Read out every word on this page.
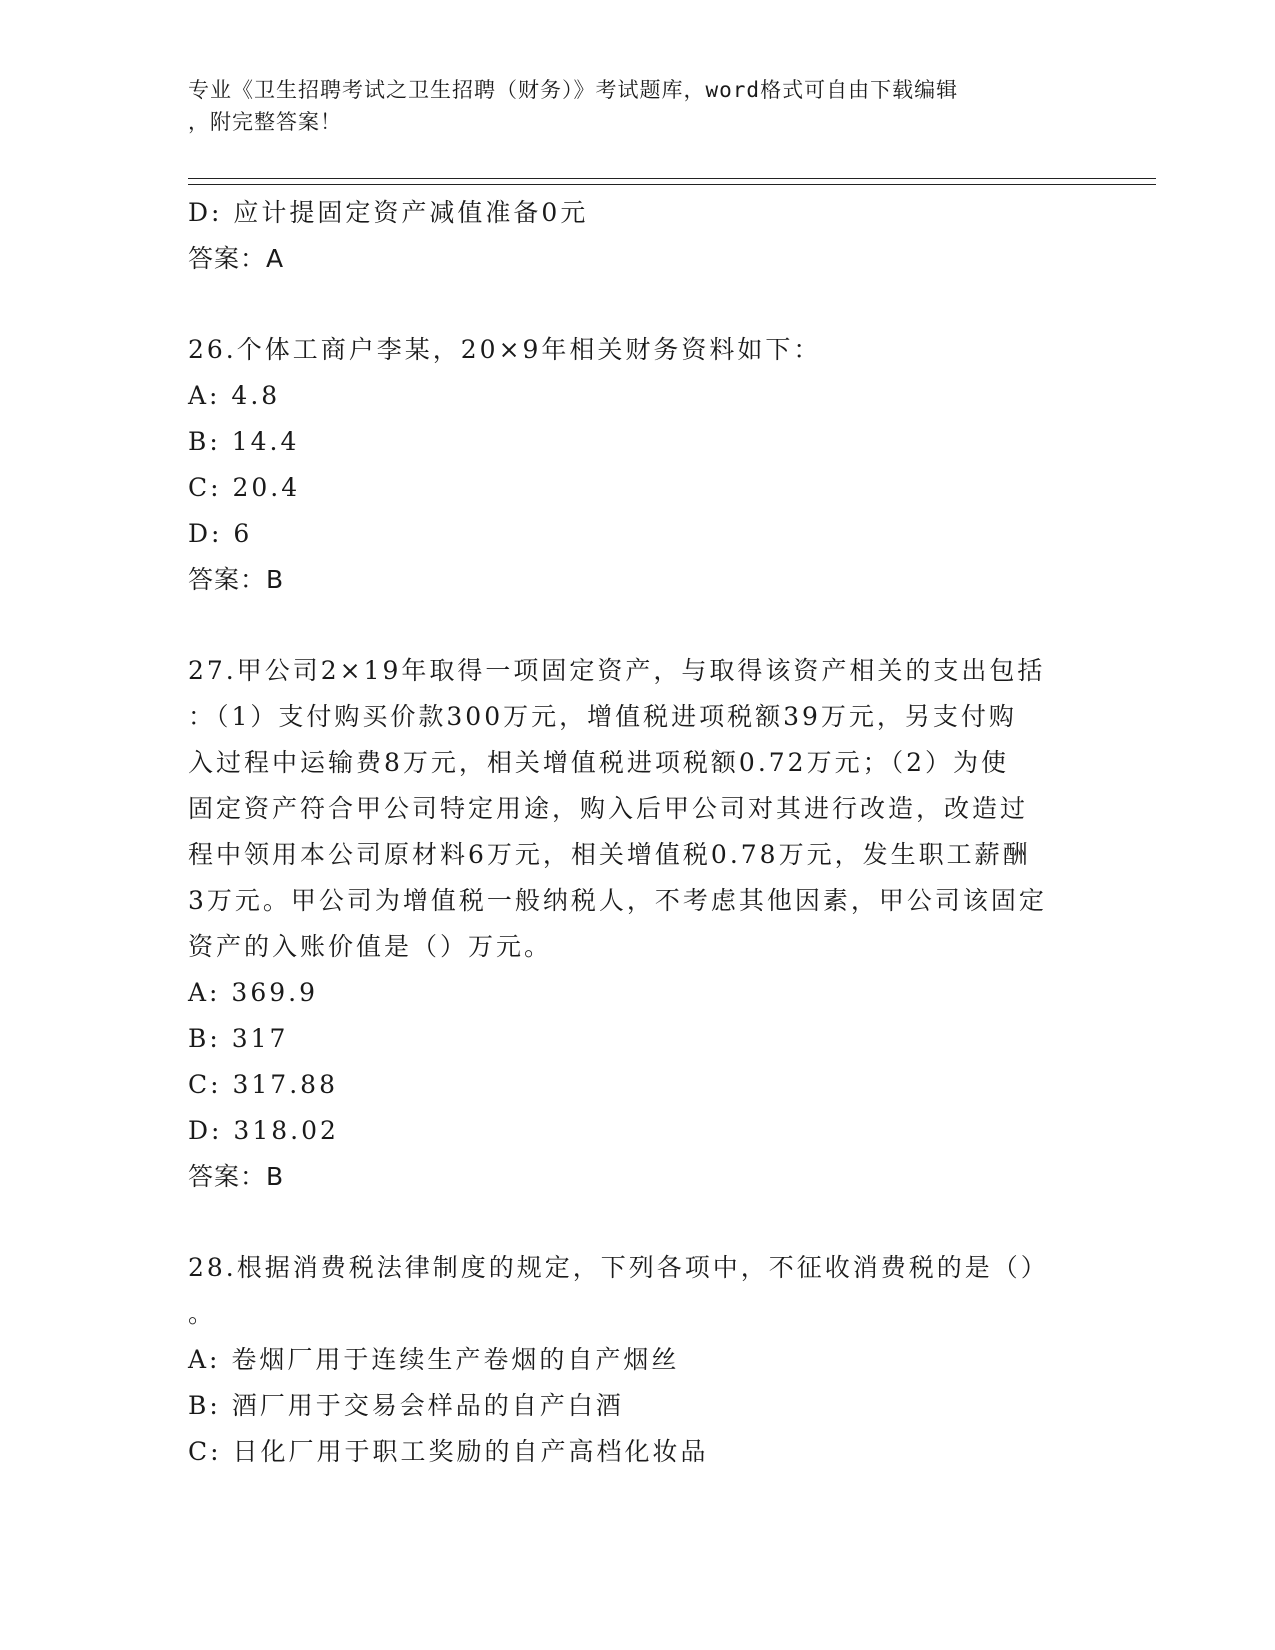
专业《卫生招聘考试之卫生招聘（财务）》考试题库，word格式可自由下载编辑
，附完整答案！
D: 应计提固定资产减值准备0元
答案：A
26.个体工商户李某，20×9年相关财务资料如下：
A: 4.8
B: 14.4
C: 20.4
D: 6
答案：B
27.甲公司2×19年取得一项固定资产，与取得该资产相关的支出包括
：（1）支付购买价款300万元，增值税进项税额39万元，另支付购
入过程中运输费8万元，相关增值税进项税额0.72万元；（2）为使
固定资产符合甲公司特定用途，购入后甲公司对其进行改造，改造过
程中领用本公司原材料6万元，相关增值税0.78万元，发生职工薪酬
3万元。甲公司为增值税一般纳税人，不考虑其他因素，甲公司该固定
资产的入账价值是（）万元。
A: 369.9
B: 317
C: 317.88
D: 318.02
答案：B
28.根据消费税法律制度的规定，下列各项中，不征收消费税的是（）
。
A: 卷烟厂用于连续生产卷烟的自产烟丝
B: 酒厂用于交易会样品的自产白酒
C: 日化厂用于职工奖励的自产高档化妆品
